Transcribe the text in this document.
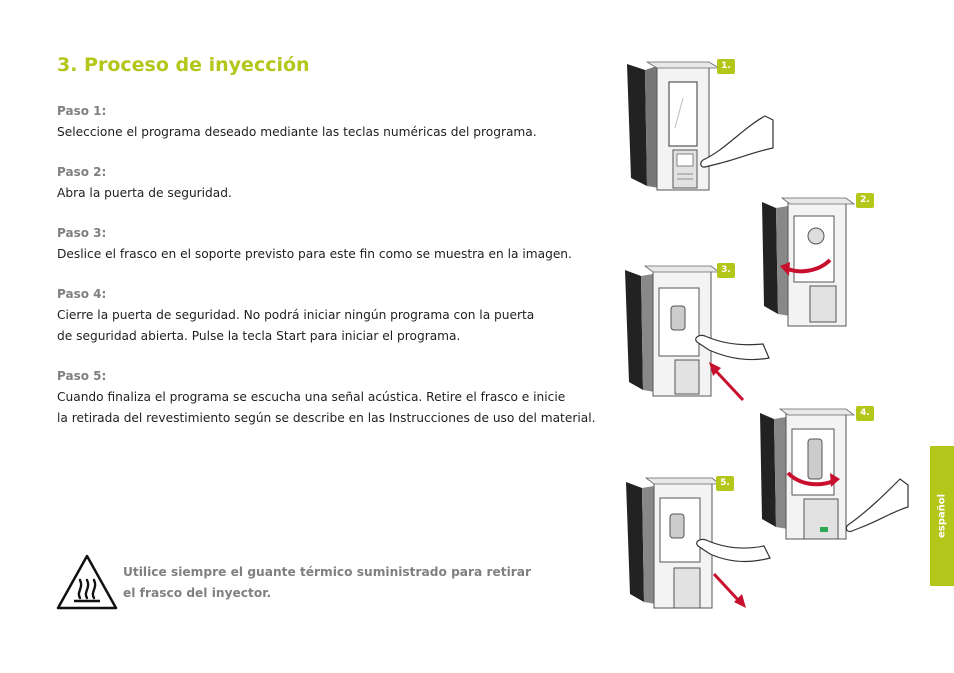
3. Proceso de inyección
Paso 1:
Seleccione el programa deseado mediante las teclas numéricas del programa.
Paso 2:
Abra la puerta de seguridad.
Paso 3:
Deslice el frasco en el soporte previsto para este fin como se muestra en la imagen.
Paso 4:
Cierre la puerta de seguridad. No podrá iniciar ningún programa con la puerta
de seguridad abierta. Pulse la tecla Start para iniciar el programa.
Paso 5:
Cuando finaliza el programa se escucha una señal acústica. Retire el frasco e inicie
la retirada del revestimiento según se describe en las Instrucciones de uso del material.
Utilice siempre el guante térmico suministrado para retirar
el frasco del inyector.
1.
2.
3.
4.
5.
español
